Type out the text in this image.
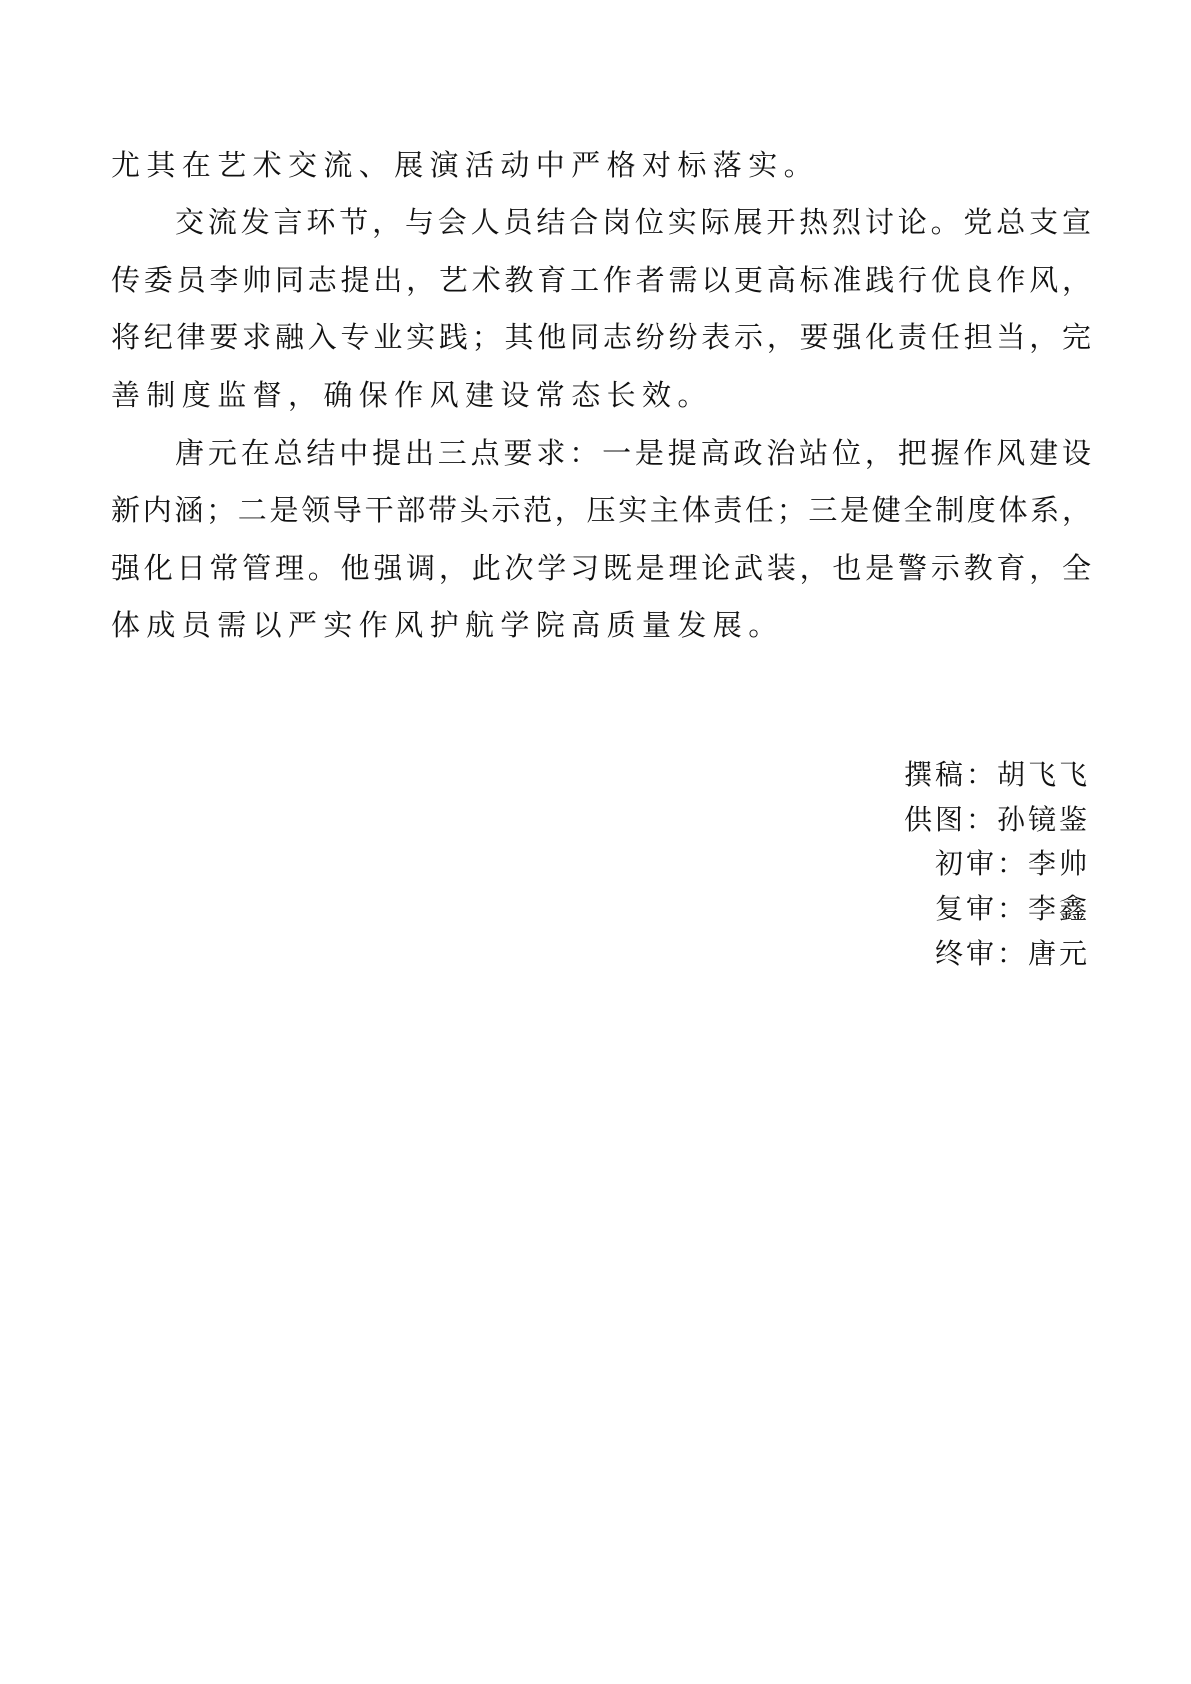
尤其在艺术交流、展演活动中严格对标落实。
交流发言环节，与会人员结合岗位实际展开热烈讨论。党总支宣
传委员李帅同志提出，艺术教育工作者需以更高标准践行优良作风，
将纪律要求融入专业实践；其他同志纷纷表示，要强化责任担当，完
善制度监督，确保作风建设常态长效。
唐元在总结中提出三点要求：一是提高政治站位，把握作风建设
新内涵；二是领导干部带头示范，压实主体责任；三是健全制度体系，
强化日常管理。他强调，此次学习既是理论武装，也是警示教育，全
体成员需以严实作风护航学院高质量发展。
撰稿：胡飞飞
供图：孙镜鉴
初审：李帅
复审：李鑫
终审：唐元
